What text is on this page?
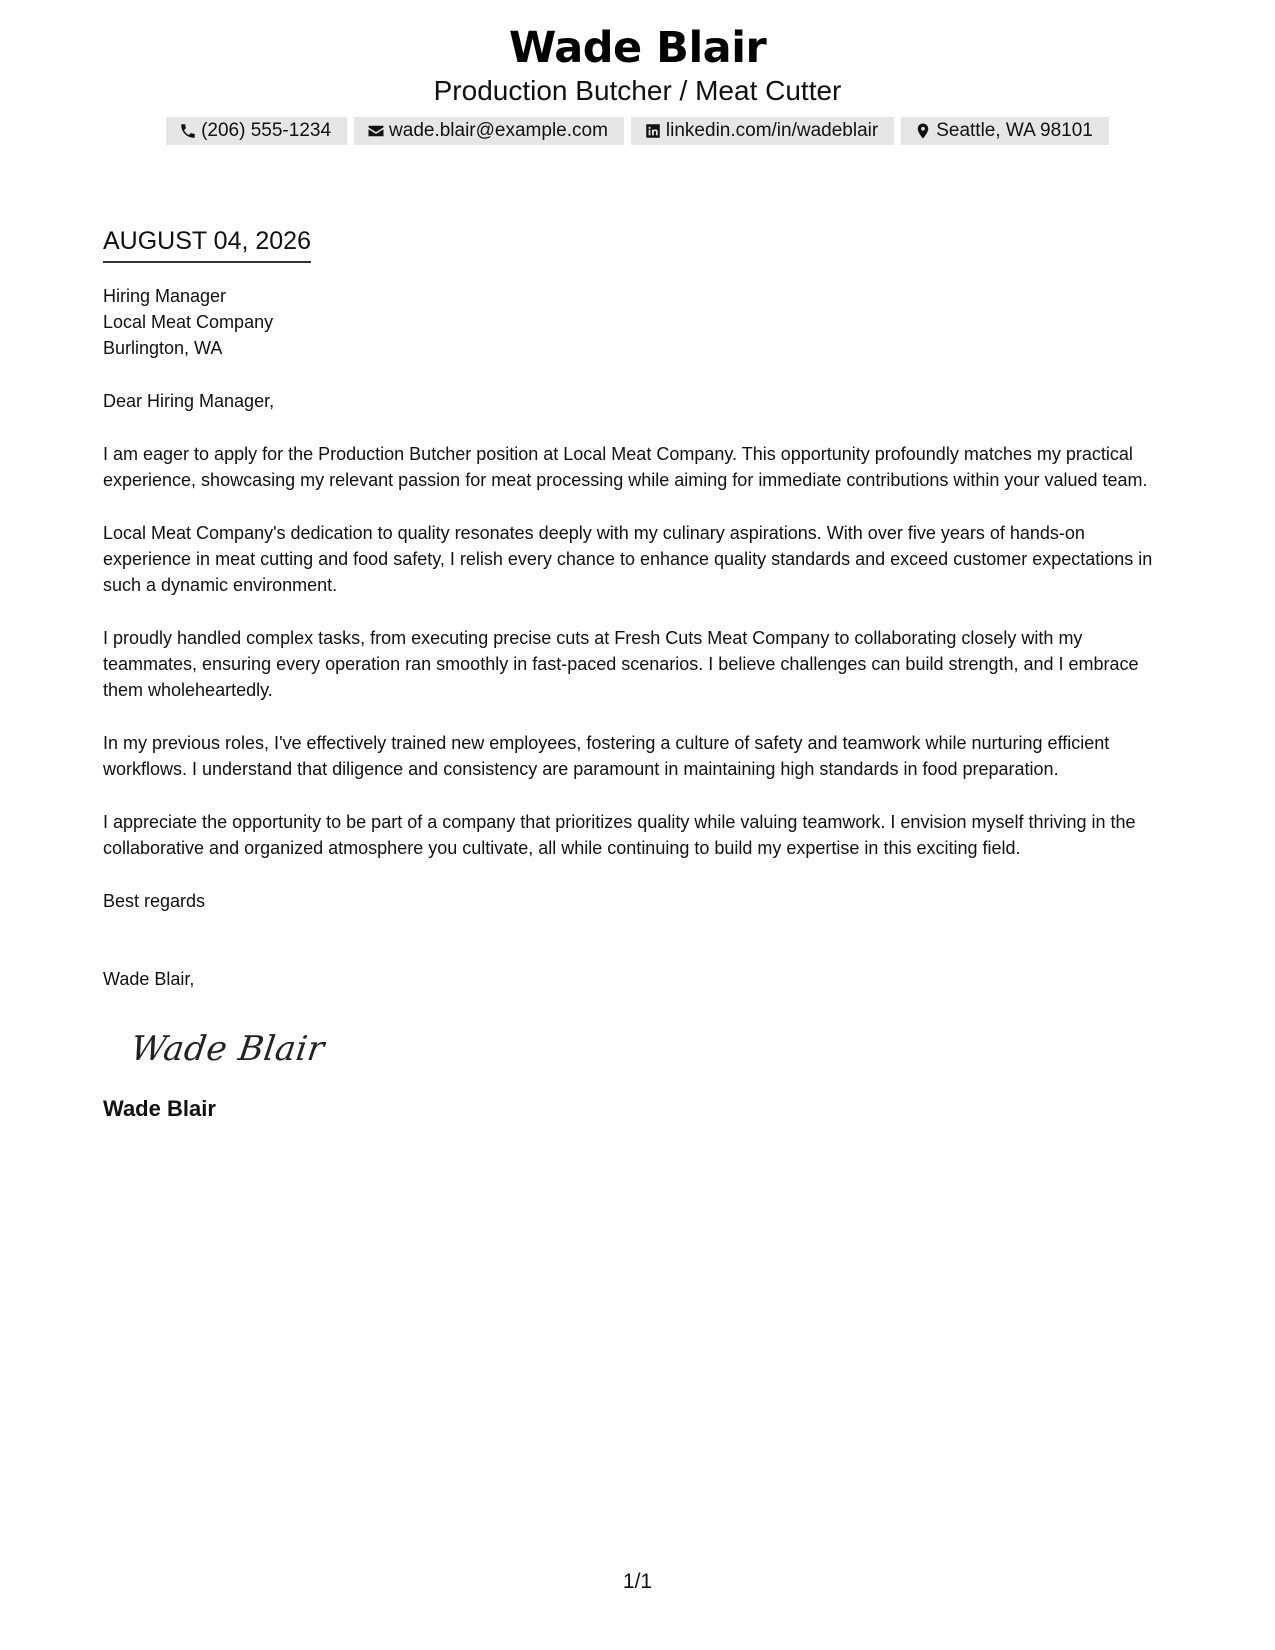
Wade Blair
Production Butcher / Meat Cutter
(206) 555-1234	wade.blair@example.com	linkedin.com/in/wadeblair	Seattle, WA 98101
AUGUST 04, 2026
Hiring Manager
Local Meat Company
Burlington, WA
Dear Hiring Manager,
I am eager to apply for the Production Butcher position at Local Meat Company. This opportunity profoundly matches my practical experience, showcasing my relevant passion for meat processing while aiming for immediate contributions within your valued team.
Local Meat Company's dedication to quality resonates deeply with my culinary aspirations. With over five years of hands-on experience in meat cutting and food safety, I relish every chance to enhance quality standards and exceed customer expectations in such a dynamic environment.
I proudly handled complex tasks, from executing precise cuts at Fresh Cuts Meat Company to collaborating closely with my teammates, ensuring every operation ran smoothly in fast-paced scenarios. I believe challenges can build strength, and I embrace them wholeheartedly.
In my previous roles, I've effectively trained new employees, fostering a culture of safety and teamwork while nurturing efficient workflows. I understand that diligence and consistency are paramount in maintaining high standards in food preparation.
I appreciate the opportunity to be part of a company that prioritizes quality while valuing teamwork. I envision myself thriving in the collaborative and organized atmosphere you cultivate, all while continuing to build my expertise in this exciting field.
Best regards
Wade Blair,
Wade Blair
Wade Blair
1/1
